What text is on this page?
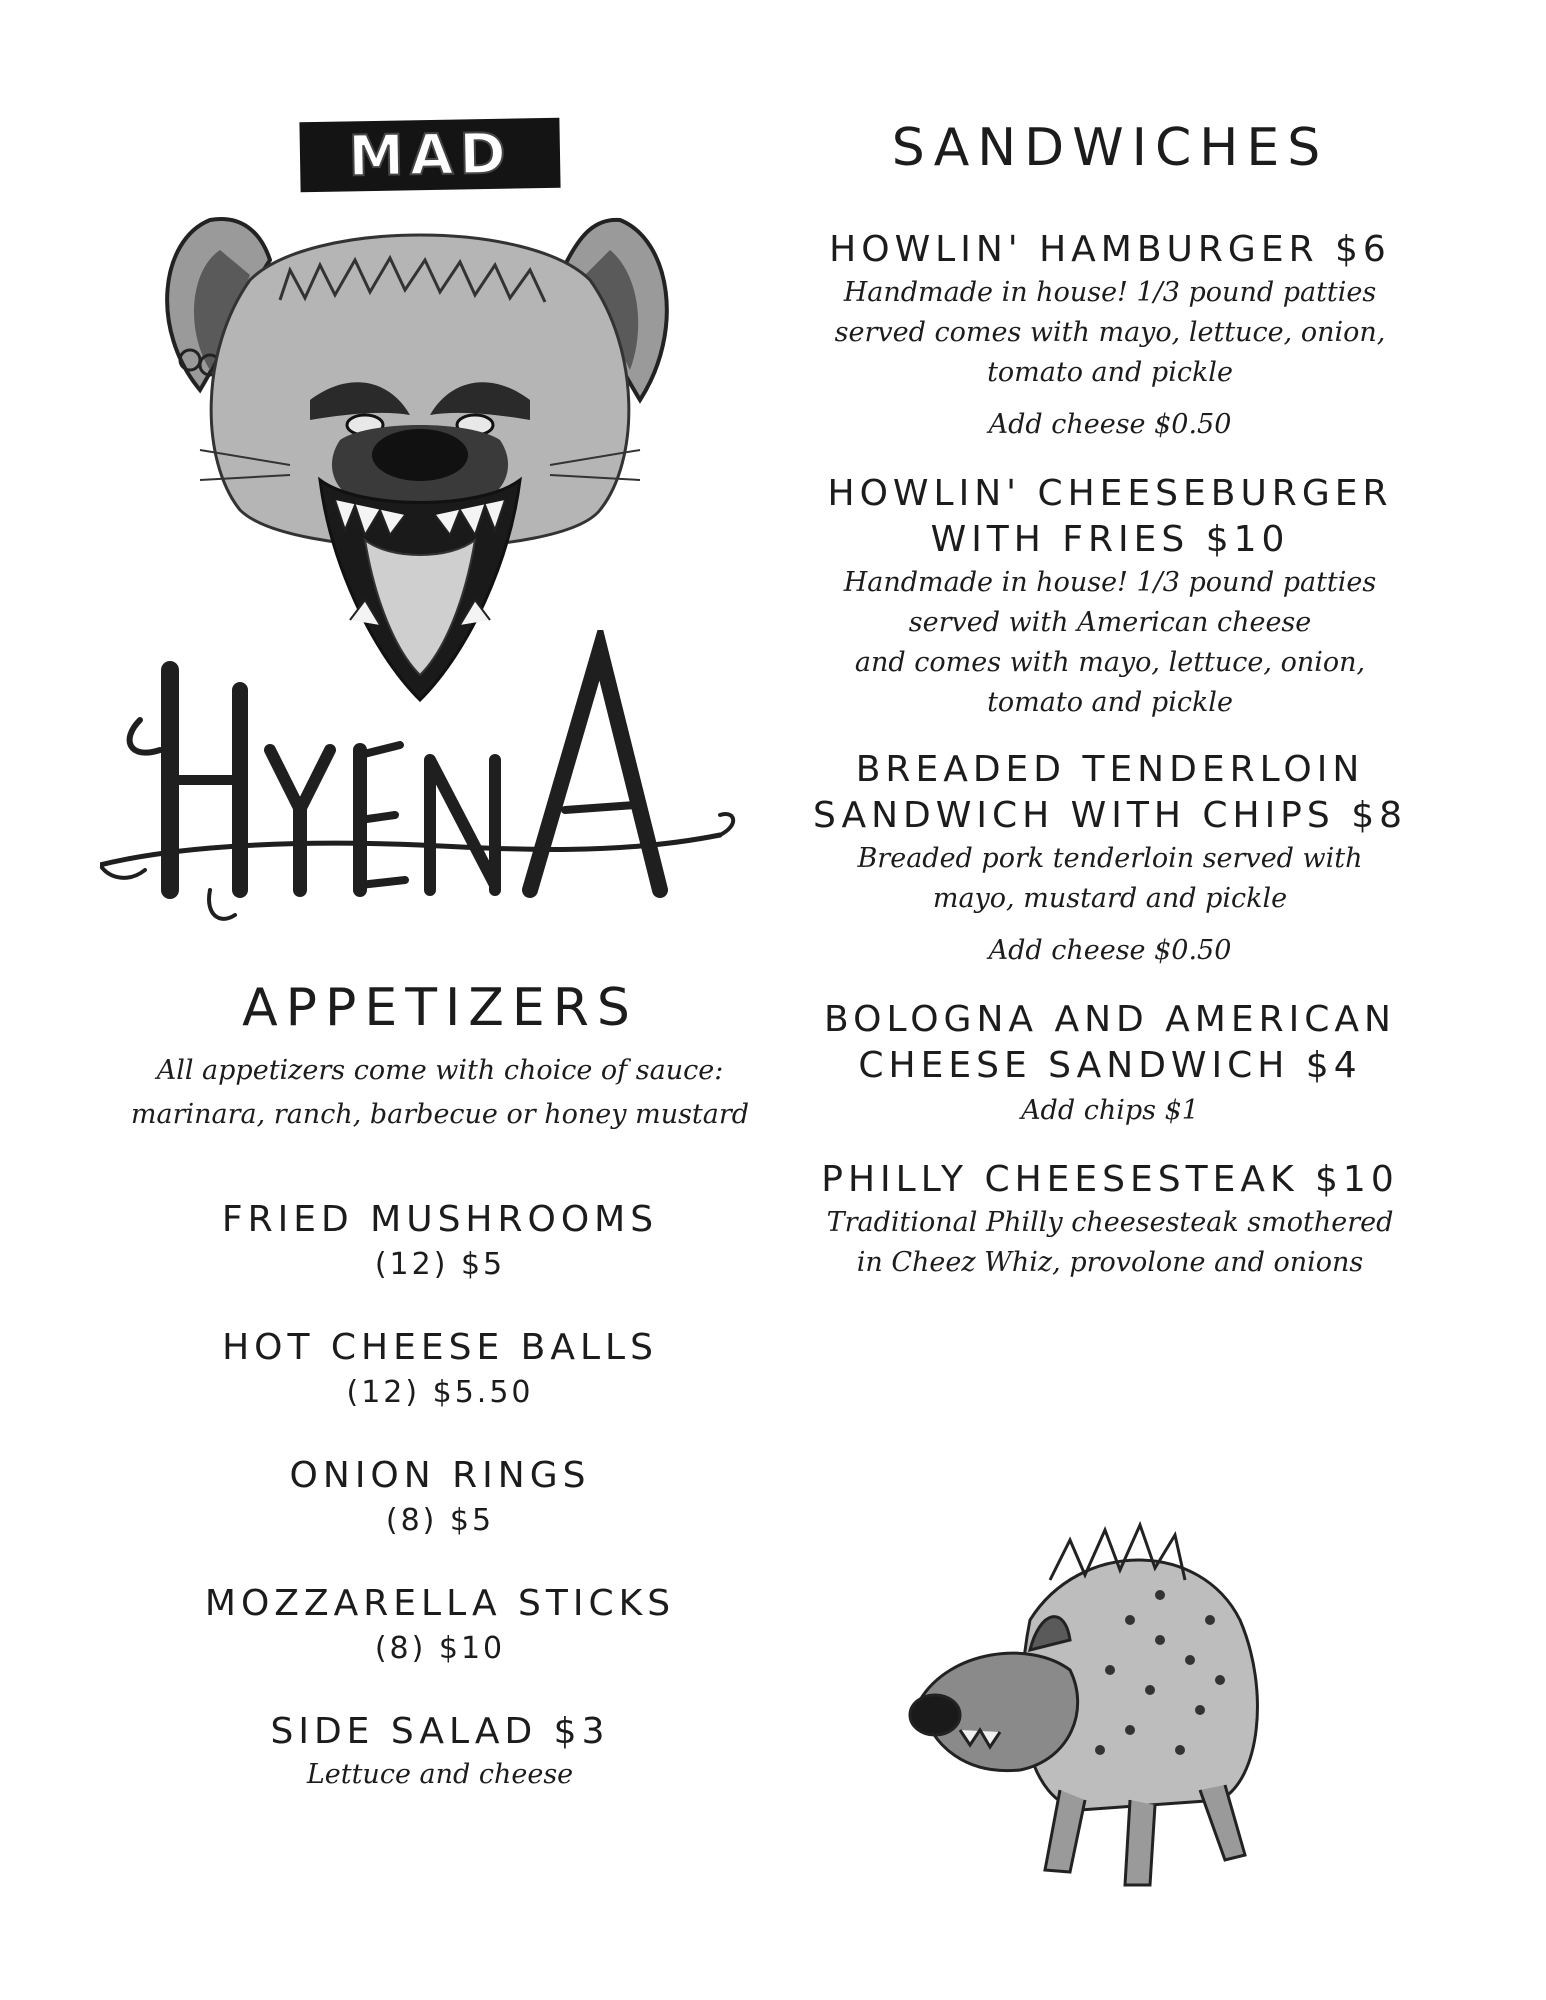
MAD
HYENA
APPETIZERS
All appetizers come with choice of sauce: marinara, ranch, barbecue or honey mustard
FRIED MUSHROOMS
(12) $5
HOT CHEESE BALLS
(12) $5.50
ONION RINGS
(8) $5
MOZZARELLA STICKS
(8) $10
SIDE SALAD $3
Lettuce and cheese
SANDWICHES
HOWLIN' HAMBURGER $6
Handmade in house! 1/3 pound patties
served comes with mayo, lettuce, onion,
tomato and pickle
Add cheese $0.50
HOWLIN' CHEESEBURGER
WITH FRIES $10
Handmade in house! 1/3 pound patties
served with American cheese
and comes with mayo, lettuce, onion,
tomato and pickle
BREADED TENDERLOIN
SANDWICH WITH CHIPS $8
Breaded pork tenderloin served with
mayo, mustard and pickle
Add cheese $0.50
BOLOGNA AND AMERICAN
CHEESE SANDWICH $4
Add chips $1
PHILLY CHEESESTEAK $10
Traditional Philly cheesesteak smothered
in Cheez Whiz, provolone and onions
